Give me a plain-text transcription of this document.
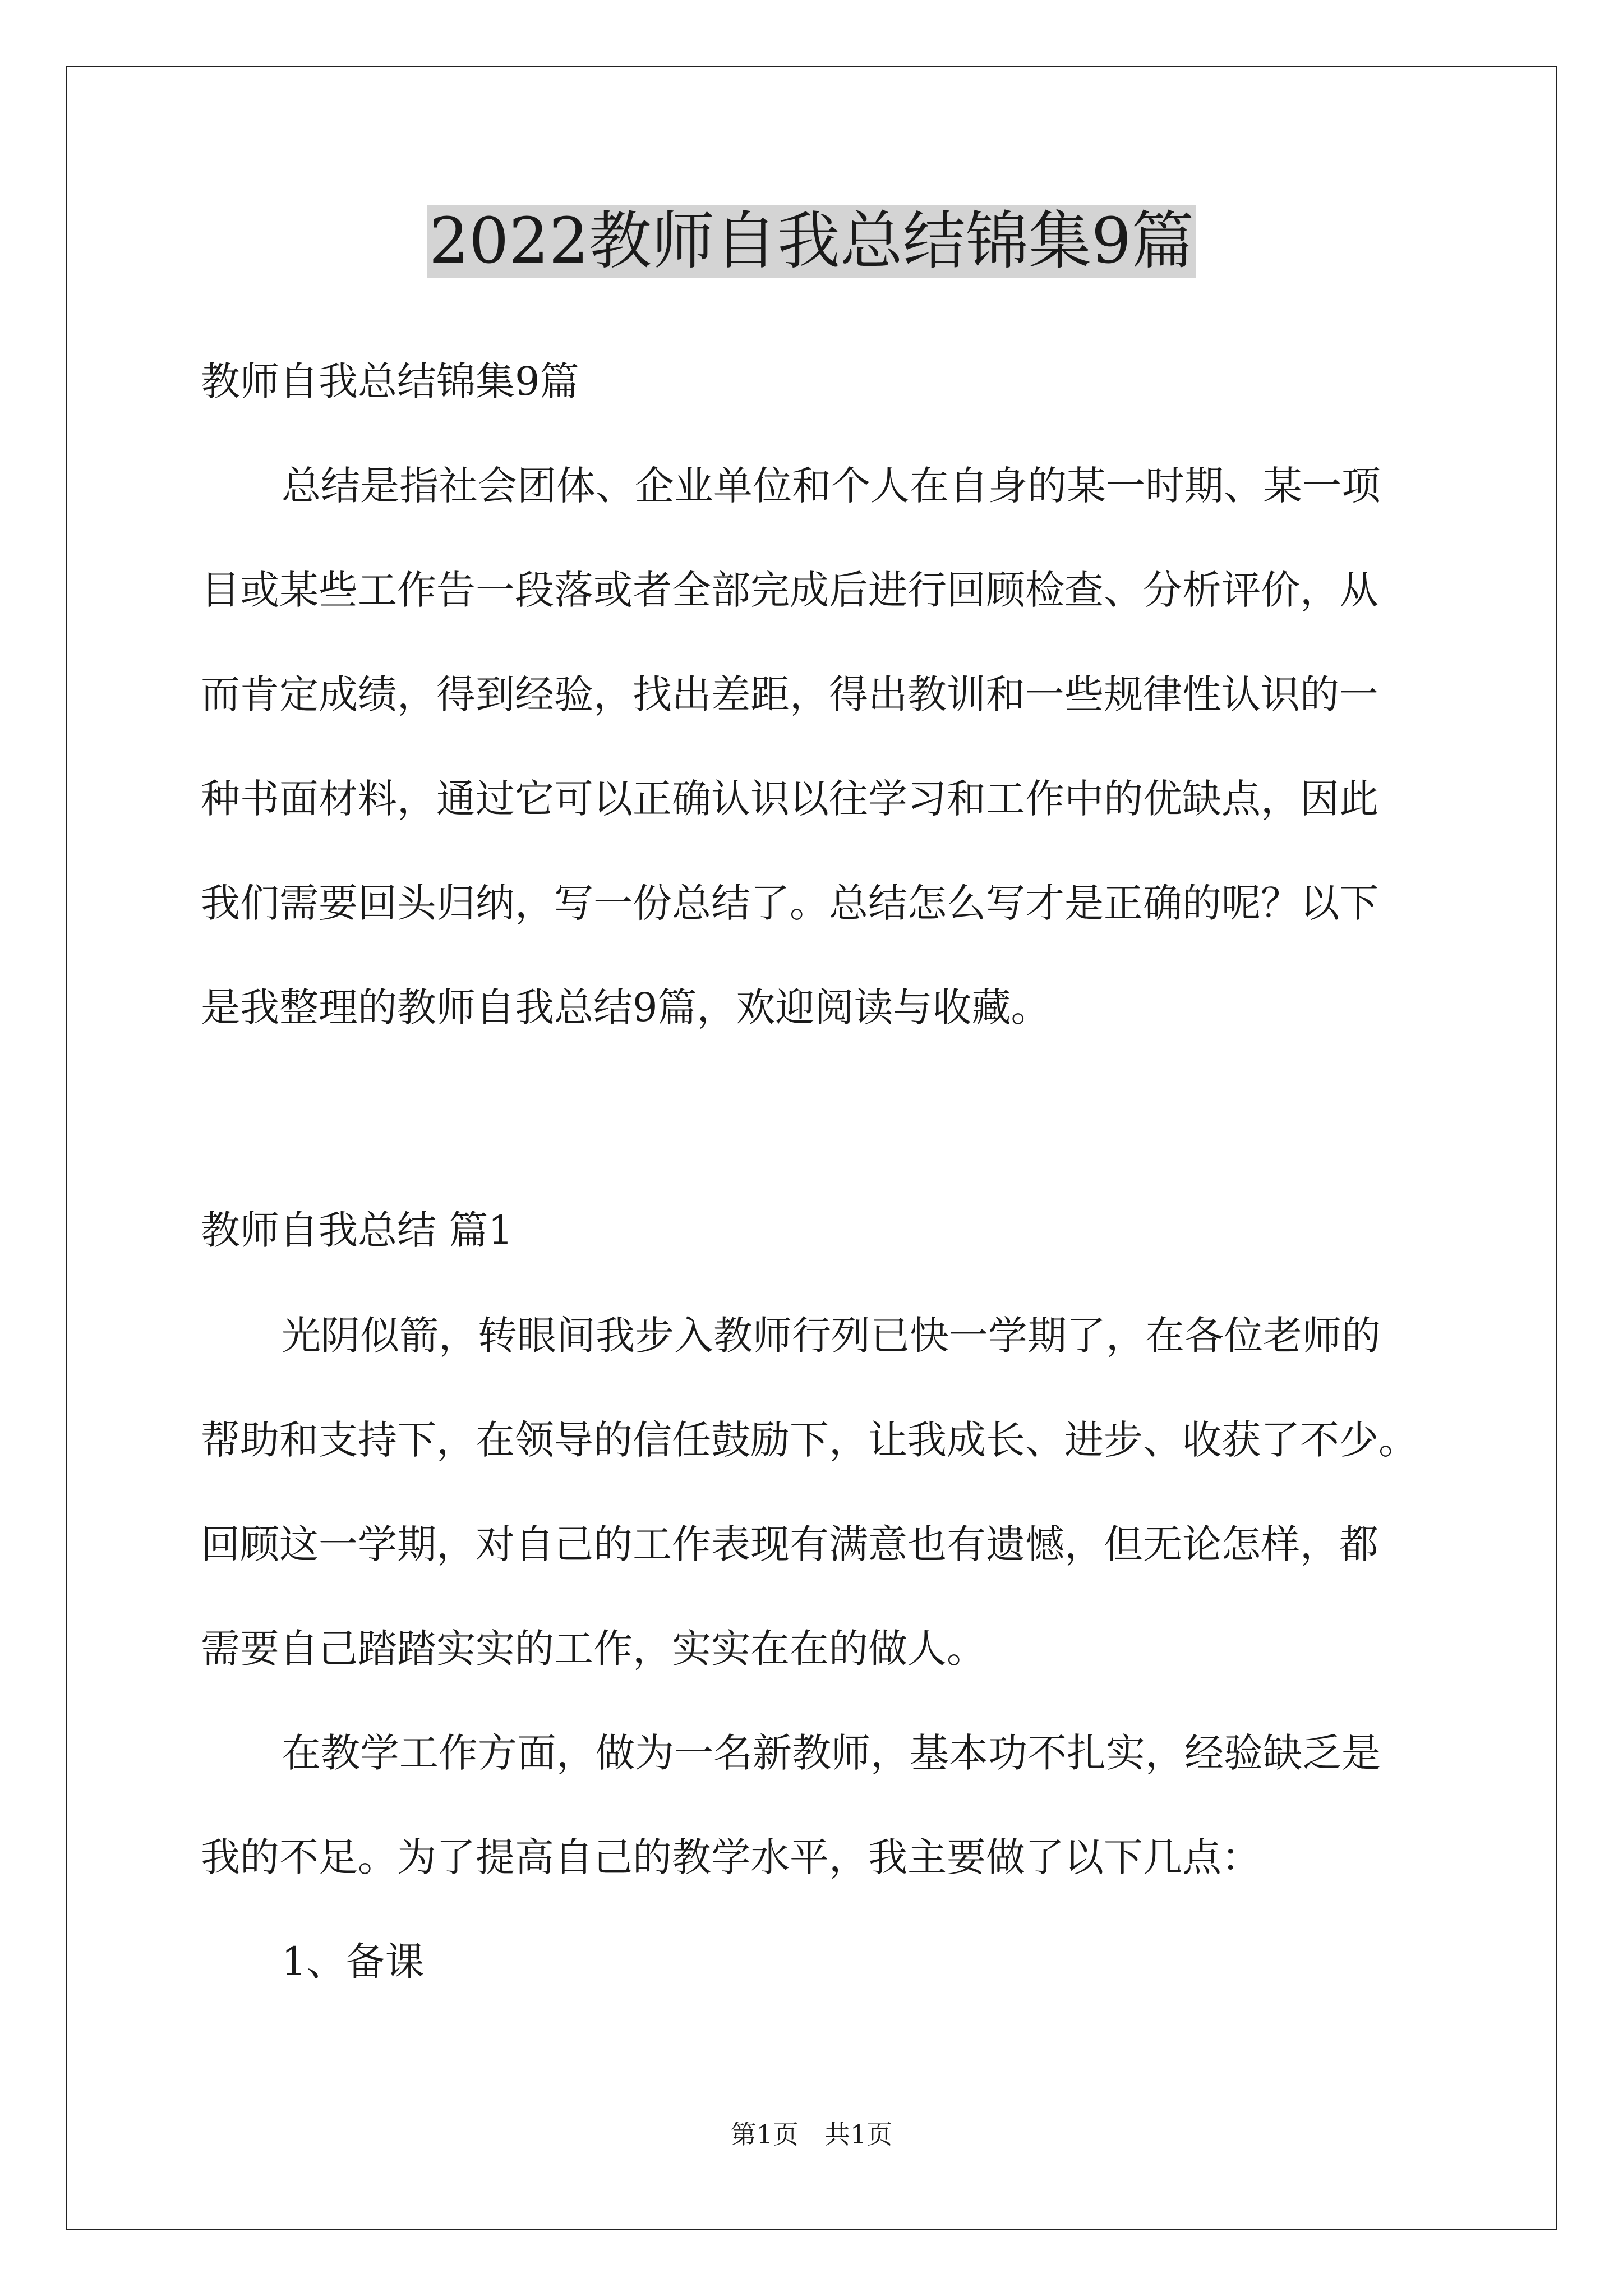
2022教师自我总结锦集9篇

教师自我总结锦集9篇

总结是指社会团体、企业单位和个人在自身的某一时期、某一项

目或某些工作告一段落或者全部完成后进行回顾检查、分析评价，从

而肯定成绩，得到经验，找出差距，得出教训和一些规律性认识的一

种书面材料，通过它可以正确认识以往学习和工作中的优缺点，因此

我们需要回头归纳，写一份总结了。总结怎么写才是正确的呢？以下

是我整理的教师自我总结9篇，欢迎阅读与收藏。

教师自我总结 篇1

光阴似箭，转眼间我步入教师行列已快一学期了，在各位老师的

帮助和支持下，在领导的信任鼓励下，让我成长、进步、收获了不少。

回顾这一学期，对自己的工作表现有满意也有遗憾，但无论怎样，都

需要自己踏踏实实的工作，实实在在的做人。

在教学工作方面，做为一名新教师，基本功不扎实，经验缺乏是

我的不足。为了提高自己的教学水平，我主要做了以下几点：

1、备课

第1页　共1页
